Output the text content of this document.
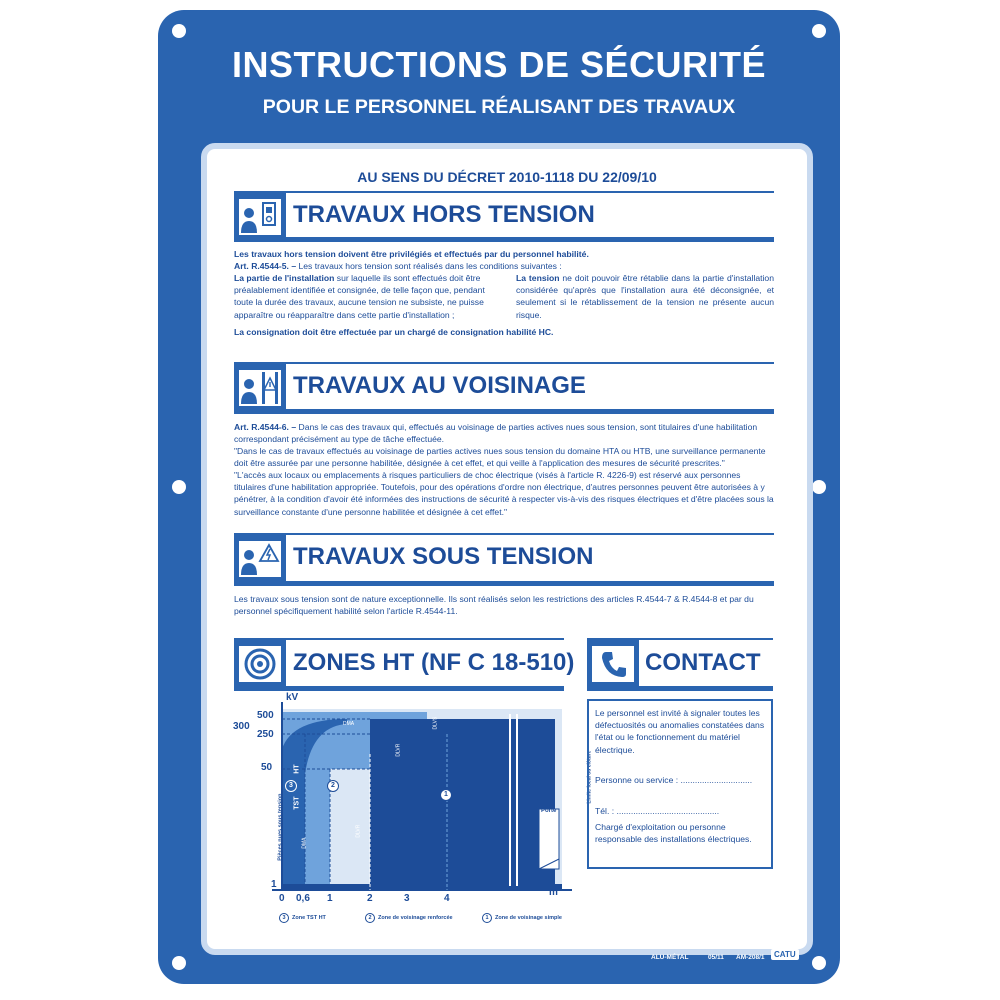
INSTRUCTIONS DE SÉCURITÉ
POUR LE PERSONNEL RÉALISANT DES TRAVAUX
AU SENS DU DÉCRET 2010-1118 DU 22/09/10
TRAVAUX HORS TENSION
Les travaux hors tension doivent être privilégiés et effectués par du personnel habilité.
Art. R.4544-5. – Les travaux hors tension sont réalisés dans les conditions suivantes :
La partie de l'installation sur laquelle ils sont effectués doit être préalablement identifiée et consignée, de telle façon que, pendant toute la durée des travaux, aucune tension ne subsiste, ne puisse apparaître ou réapparaître dans cette partie d'installation ;
La tension ne doit pouvoir être rétablie dans la partie d'installation considérée qu'après que l'installation aura été déconsignée, et seulement si le rétablissement de la tension ne présente aucun risque.
La consignation doit être effectuée par un chargé de consignation habilité HC.
TRAVAUX AU VOISINAGE
Art. R.4544-6. – Dans le cas des travaux qui, effectués au voisinage de parties actives nues sous tension, sont titulaires d'une habilitation correspondant précisément au type de tâche effectuée.
"Dans le cas de travaux effectués au voisinage de parties actives nues sous tension du domaine HTA ou HTB, une surveillance permanente doit être assurée par une personne habilitée, désignée à cet effet, et qui veille à l'application des mesures de sécurité prescrites."
"L'accès aux locaux ou emplacements à risques particuliers de choc électrique (visés à l'article R. 4226-9) est réservé aux personnes titulaires d'une habilitation appropriée. Toutefois, pour des opérations d'ordre non électrique, d'autres personnes peuvent être autorisées à y pénétrer, à la condition d'avoir été informées des instructions de sécurité à respecter vis-à-vis des risques électriques et d'être placées sous la surveillance constante d'une personne habilitée et désignée à cet effet."
TRAVAUX SOUS TENSION
Les travaux sous tension sont de nature exceptionnelle. Ils sont réalisés selon les restrictions des articles R.4544-7 & R.4544-8 et par du personnel spécifiquement habilité selon l'article R.4544-11.
ZONES HT (NF C 18-510)
kV
m
500
300
250
50
1
0 0,6 1	2	3	4
TST
HT
DMA
DMA
DLVR
DLVR
DLVS
Pièces nues sous tension
Limite local ou clôture
Porte
3	2
1
3 Zone TST HT	2 Zone de voisinage renforcée	1 Zone de voisinage simple
CONTACT
Le personnel est invité à signaler toutes les défectuosités ou anomalies constatées dans l'état ou le fonctionnement du matériel électrique.
Personne ou service : ..............................
Tél. : ...........................................
Chargé d'exploitation ou personne responsable des installations électriques.
ALU-MÉTAL	05/11 AM-208/1	CATU
